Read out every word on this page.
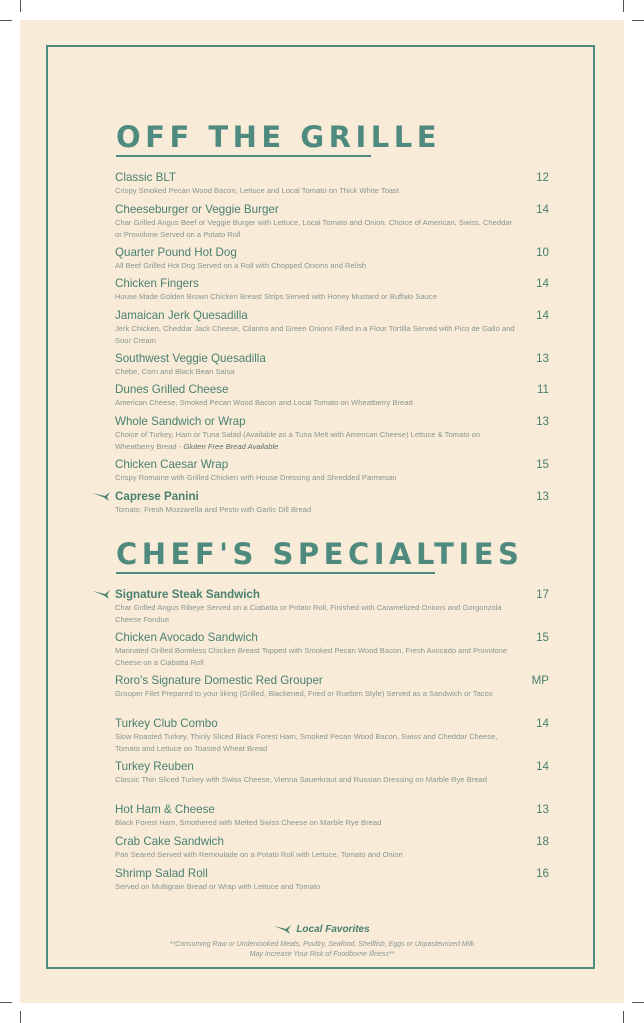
OFF THE GRILLE
Classic BLT
Crispy Smoked Pecan Wood Bacon, Lettuce and Local Tomato on Thick White Toast
12
Cheeseburger or Veggie Burger
Char Grilled Angus Beef or Veggie Burger with Lettuce, Local Tomato and Onion. Choice of American, Swiss, Cheddar or Provolone Served on a Potato Roll
14
Quarter Pound Hot Dog
All Beef Grilled Hot Dog Served on a Roll with Chopped Onions and Relish
10
Chicken Fingers
House Made Golden Brown Chicken Breast Strips Served with Honey Mustard or Buffalo Sauce
14
Jamaican Jerk Quesadilla
Jerk Chicken, Cheddar Jack Cheese, Cilantro and Green Onions Filled in a Flour Tortilla Served with Pico de Gallo and Sour Cream
14
Southwest Veggie Quesadilla
Chebe, Corn and Black Bean Salsa
13
Dunes Grilled Cheese
American Cheese, Smoked Pecan Wood Bacon and Local Tomato on Wheatberry Bread
11
Whole Sandwich or Wrap
Choice of Turkey, Ham or Tuna Salad (Available as a Tuna Melt with American Cheese) Lettuce & Tomato on Wheatberry Bread - Gluten Free Bread Available
13
Chicken Caesar Wrap
Crispy Romaine with Grilled Chicken with House Dressing and Shredded Parmesan
15
Caprese Panini
Tomato, Fresh Mozzarella and Pesto with Garlic Dill Bread
13
CHEF'S SPECIALTIES
Signature Steak Sandwich
Char Grilled Angus Ribeye Served on a Ciabatta or Potato Roll, Finished with Caramelized Onions and Gorgonzola Cheese Fondue
17
Chicken Avocado Sandwich
Marinated Grilled Boneless Chicken Breast Topped with Smoked Pecan Wood Bacon, Fresh Avocado and Provolone Cheese on a Ciabatta Roll
15
Roro's Signature Domestic Red Grouper
Grouper Filet Prepared to your liking (Grilled, Blackened, Fried or Rueben Style) Served as a Sandwich or Tacos
MP
Turkey Club Combo
Slow Roasted Turkey, Thinly Sliced Black Forest Ham, Smoked Pecan Wood Bacon, Swiss and Cheddar Cheese, Tomato and Lettuce on Toasted Wheat Bread
14
Turkey Reuben
Classic Thin Sliced Turkey with Swiss Cheese, Vienna Sauerkraut and Russian Dressing on Marble Rye Bread
14
Hot Ham & Cheese
Black Forest Ham, Smothered with Melted Swiss Cheese on Marble Rye Bread
13
Crab Cake Sandwich
Pan Seared Served with Remoulade on a Potato Roll with Lettuce, Tomato and Onion
18
Shrimp Salad Roll
Served on Multigrain Bread or Wrap with Lettuce and Tomato
16
Local Favorites
**Consuming Raw or Undercooked Meats, Poultry, Seafood, Shellfish, Eggs or Unpasteurized Milk
May Increase Your Risk of Foodborne Illness**
